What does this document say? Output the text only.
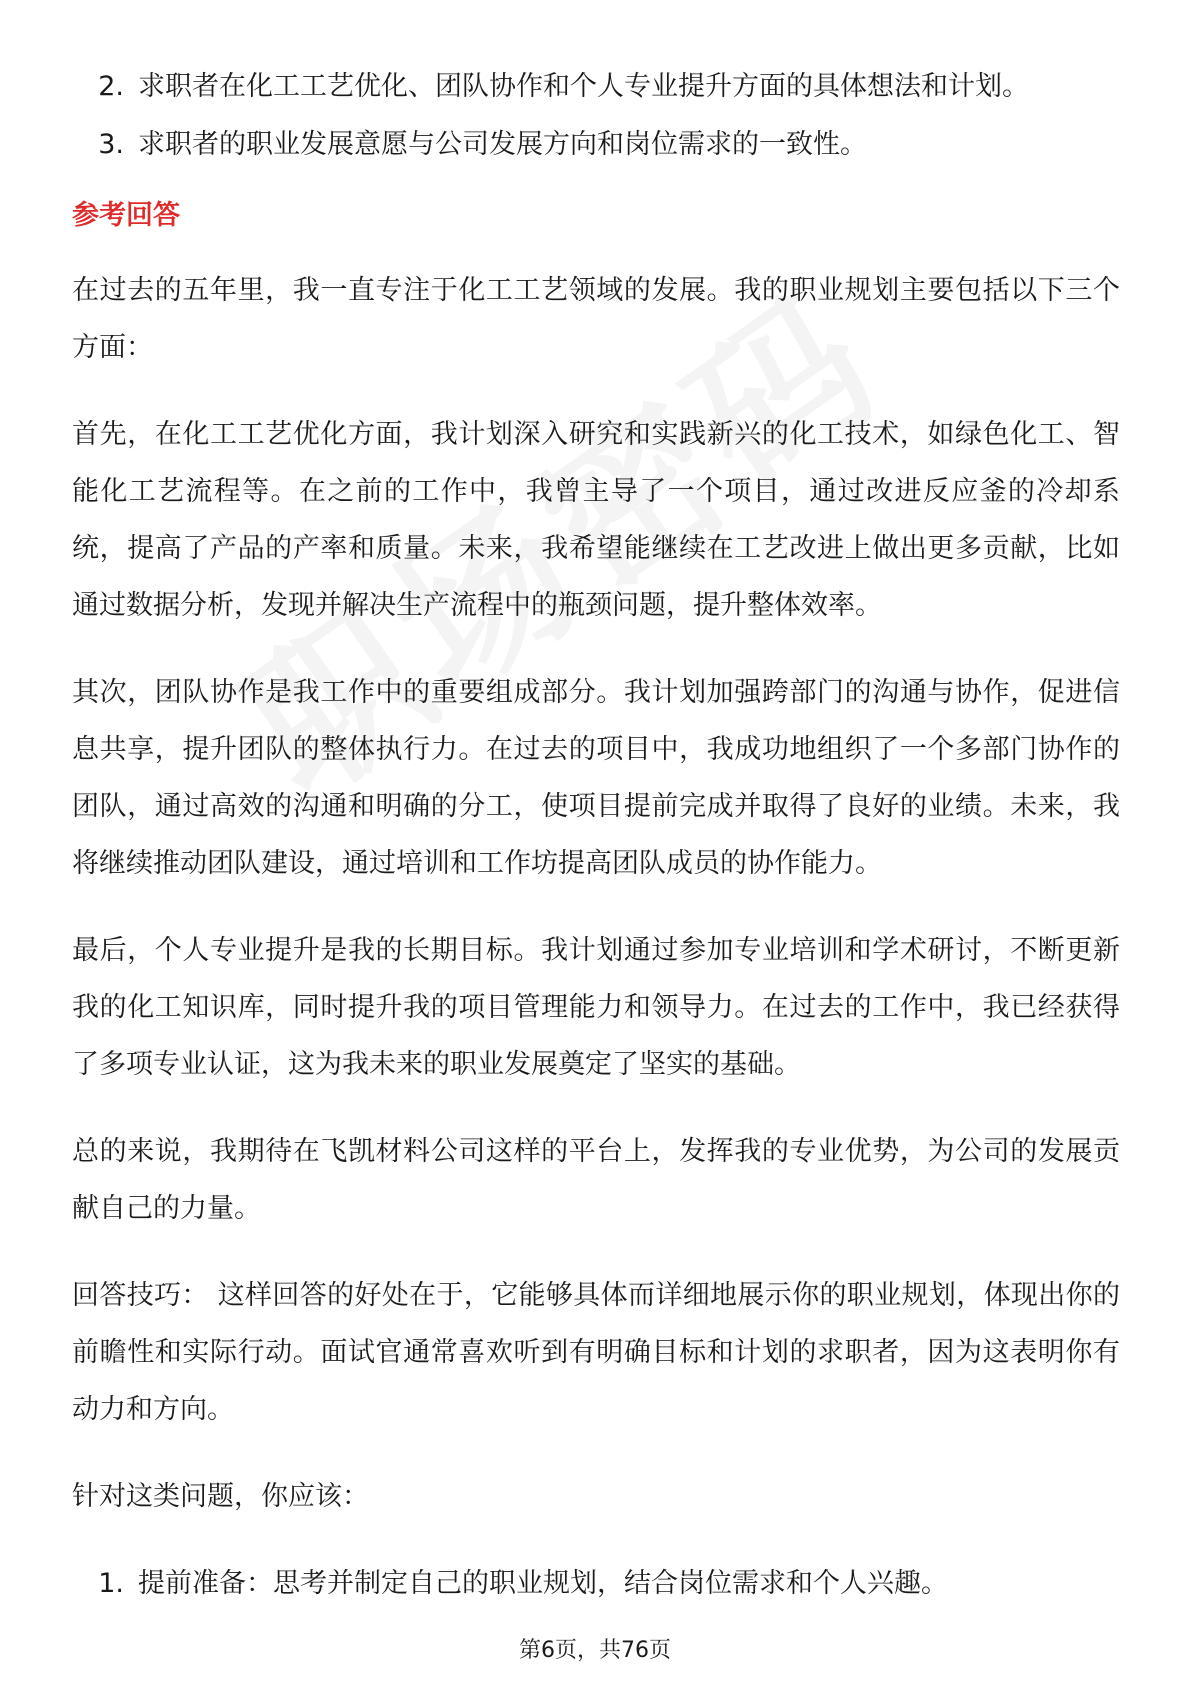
2. 求职者在化工工艺优化、团队协作和个人专业提升方面的具体想法和计划。
3. 求职者的职业发展意愿与公司发展方向和岗位需求的一致性。
参考回答

在过去的五年里，我一直专注于化工工艺领域的发展。我的职业规划主要包括以下三个方面：

首先，在化工工艺优化方面，我计划深入研究和实践新兴的化工技术，如绿色化工、智能化工艺流程等。在之前的工作中，我曾主导了一个项目，通过改进反应釜的冷却系统，提高了产品的产率和质量。未来，我希望能继续在工艺改进上做出更多贡献，比如通过数据分析，发现并解决生产流程中的瓶颈问题，提升整体效率。

其次，团队协作是我工作中的重要组成部分。我计划加强跨部门的沟通与协作，促进信息共享，提升团队的整体执行力。在过去的项目中，我成功地组织了一个多部门协作的团队，通过高效的沟通和明确的分工，使项目提前完成并取得了良好的业绩。未来，我将继续推动团队建设，通过培训和工作坊提高团队成员的协作能力。

最后，个人专业提升是我的长期目标。我计划通过参加专业培训和学术研讨，不断更新我的化工知识库，同时提升我的项目管理能力和领导力。在过去的工作中，我已经获得了多项专业认证，这为我未来的职业发展奠定了坚实的基础。

总的来说，我期待在飞凯材料公司这样的平台上，发挥我的专业优势，为公司的发展贡献自己的力量。

回答技巧： 这样回答的好处在于，它能够具体而详细地展示你的职业规划，体现出你的前瞻性和实际行动。面试官通常喜欢听到有明确目标和计划的求职者，因为这表明你有动力和方向。

针对这类问题，你应该：

1. 提前准备：思考并制定自己的职业规划，结合岗位需求和个人兴趣。
第6页，共76页
